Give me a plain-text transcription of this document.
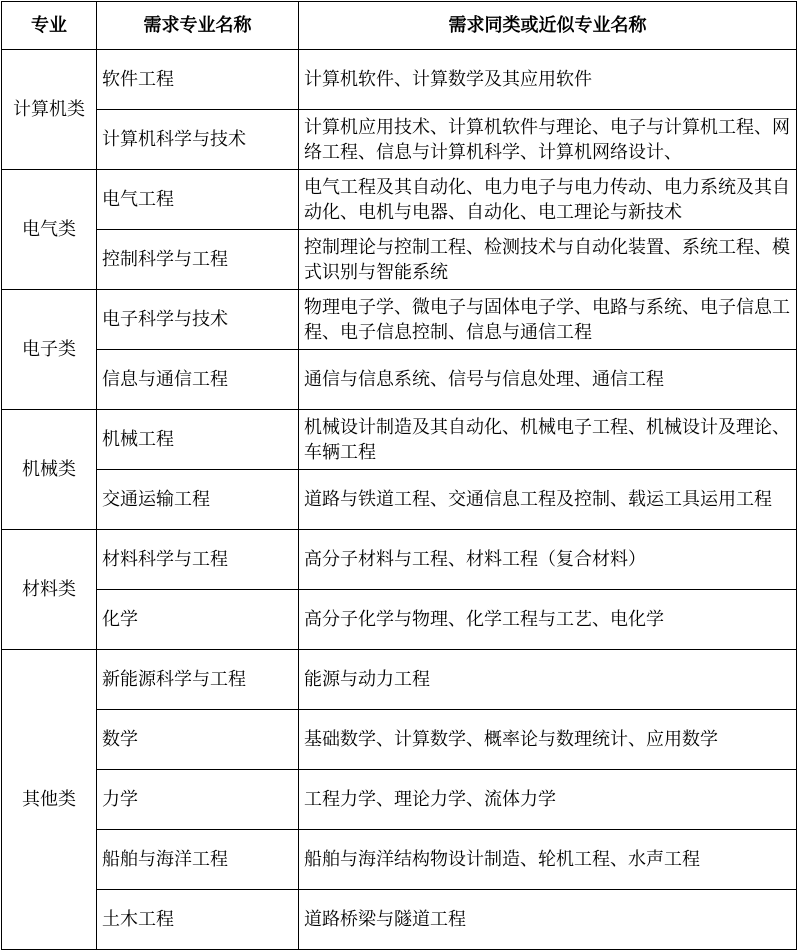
专业	需求专业名称	需求同类或近似专业名称
计算机类	软件工程	计算机软件、计算数学及其应用软件

	计算机科学与技术	计算机应用技术、计算机软件与理论、电子与计算机工程、网络工程、信息与计算机科学、计算机网络设计、

电气类	电气工程	电气工程及其自动化、电力电子与电力传动、电力系统及其自动化、电机与电器、自动化、电工理论与新技术

	控制科学与工程	控制理论与控制工程、检测技术与自动化装置、系统工程、模式识别与智能系统

电子类	电子科学与技术	物理电子学、微电子与固体电子学、电路与系统、电子信息工程、电子信息控制、信息与通信工程

	信息与通信工程	通信与信息系统、信号与信息处理、通信工程

机械类	机械工程	机械设计制造及其自动化、机械电子工程、机械设计及理论、车辆工程

	交通运输工程	道路与铁道工程、交通信息工程及控制、载运工具运用工程

材料类	材料科学与工程	高分子材料与工程、材料工程（复合材料）

	化学	高分子化学与物理、化学工程与工艺、电化学

其他类	新能源科学与工程	能源与动力工程

	数学	基础数学、计算数学、概率论与数理统计、应用数学

	力学	工程力学、理论力学、流体力学

	船舶与海洋工程	船舶与海洋结构物设计制造、轮机工程、水声工程

	土木工程	道路桥梁与隧道工程
